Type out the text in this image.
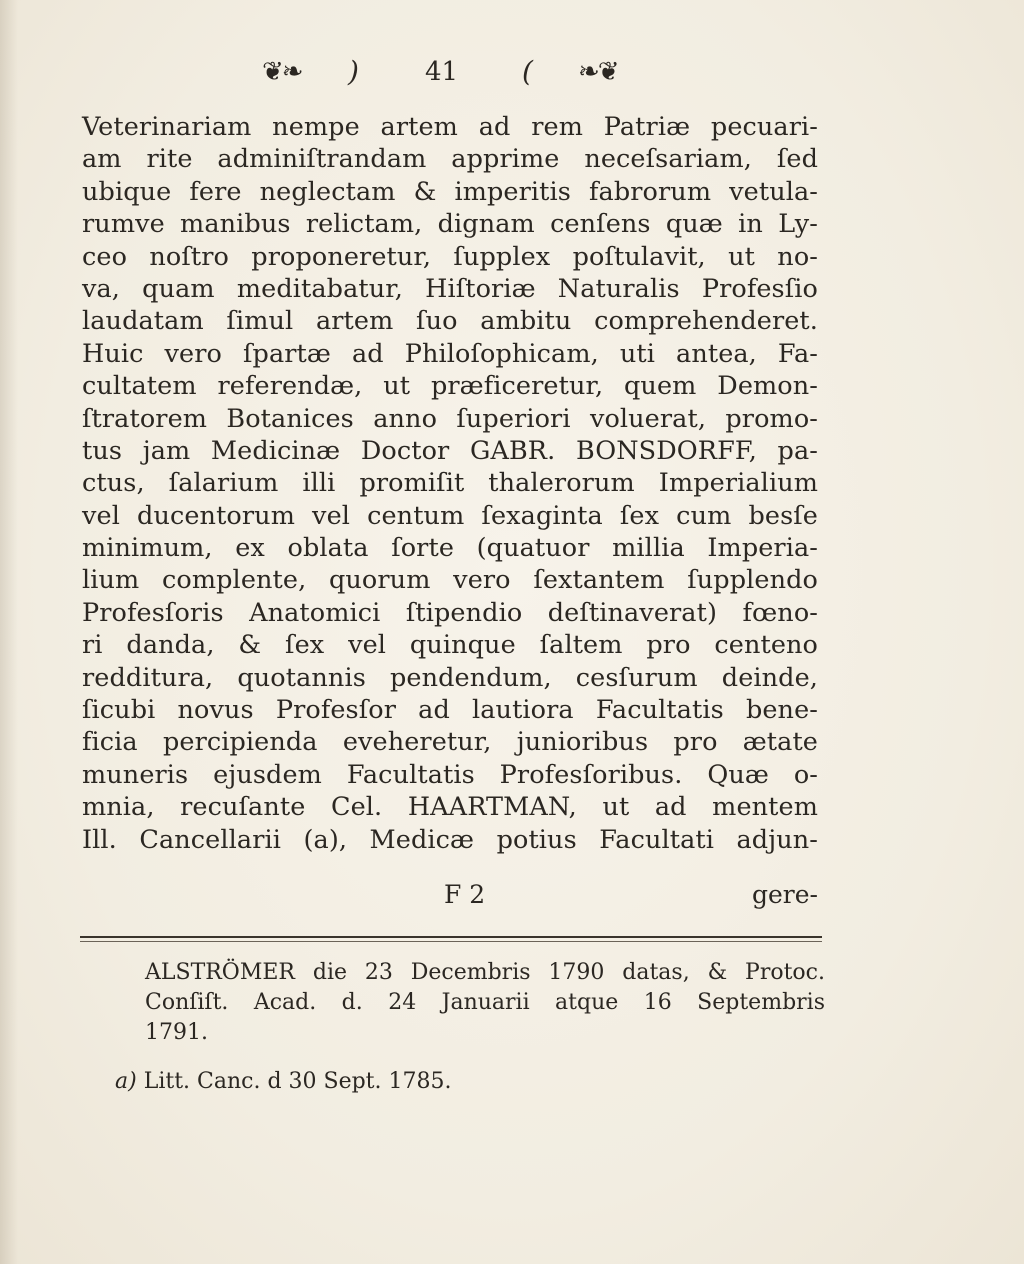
❦❧ )	41 ( ❧❦
Veterinariam nempe artem ad rem Patriæ pecuari-
am rite adminiſtrandam apprime neceſsariam, ſed
ubique fere neglectam & imperitis fabrorum vetula-
rumve manibus relictam, dignam cenſens quæ in Ly-
ceo noſtro proponeretur, ſupplex poſtulavit, ut no-
va, quam meditabatur, Hiſtoriæ Naturalis Profesſio
laudatam ſimul artem ſuo ambitu comprehenderet.
Huic vero ſpartæ ad Philoſophicam, uti antea, Fa-
cultatem referendæ, ut præficeretur, quem Demon-
ſtratorem Botanices anno ſuperiori voluerat, promo-
tus jam Medicinæ Doctor GABR. BONSDORFF, pa-
ctus, ſalarium illi promiſit thalerorum Imperialium
vel ducentorum vel centum ſexaginta ſex cum besſe
minimum, ex oblata ſorte (quatuor millia Imperia-
lium complente, quorum vero ſextantem ſupplendo
Profesſoris Anatomici ſtipendio deſtinaverat) fœno-
ri danda, & ſex vel quinque ſaltem pro centeno
redditura, quotannis pendendum, cesſurum deinde,
ſicubi novus Profesſor ad lautiora Facultatis bene-
ficia percipienda eveheretur, junioribus pro ætate
muneris ejusdem Facultatis Profesſoribus. Quæ o-
mnia, recuſante Cel. HAARTMAN, ut ad mentem
Ill. Cancellarii (a), Medicæ potius Facultati adjun-
F 2	gere-
ALSTRÖMER die 23 Decembris 1790 datas, & Protoc.
Conſiſt. Acad. d. 24 Januarii atque 16 Septembris
1791.
a) Litt. Canc. d 30 Sept. 1785.
